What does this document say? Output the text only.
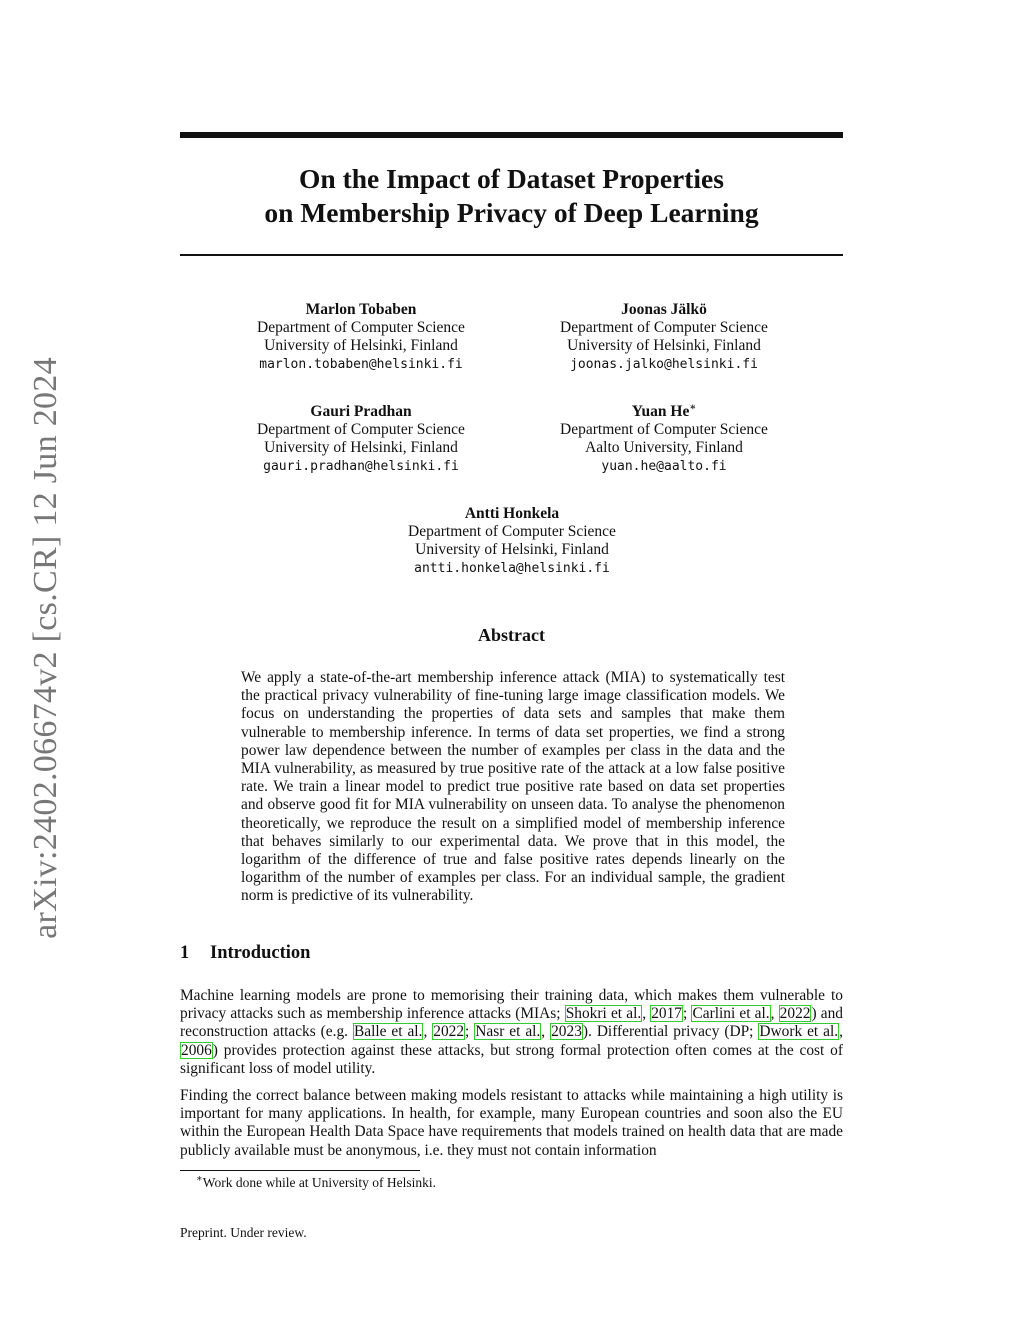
arXiv:2402.06674v2 [cs.CR] 12 Jun 2024
On the Impact of Dataset Properties
on Membership Privacy of Deep Learning
Marlon Tobaben
Department of Computer Science
University of Helsinki, Finland
marlon.tobaben@helsinki.fi
Joonas Jälkö
Department of Computer Science
University of Helsinki, Finland
joonas.jalko@helsinki.fi
Gauri Pradhan
Department of Computer Science
University of Helsinki, Finland
gauri.pradhan@helsinki.fi
Yuan He∗
Department of Computer Science
Aalto University, Finland
yuan.he@aalto.fi
Antti Honkela
Department of Computer Science
University of Helsinki, Finland
antti.honkela@helsinki.fi
Abstract
We apply a state-of-the-art membership inference attack (MIA) to systematically test the practical privacy vulnerability of fine-tuning large image classification models. We focus on understanding the properties of data sets and samples that make them vulnerable to membership inference. In terms of data set properties, we find a strong power law dependence between the number of examples per class in the data and the MIA vulnerability, as measured by true positive rate of the attack at a low false positive rate. We train a linear model to predict true positive rate based on data set properties and observe good fit for MIA vulnerability on unseen data. To analyse the phenomenon theoretically, we reproduce the result on a simplified model of membership inference that behaves similarly to our experimental data. We prove that in this model, the logarithm of the difference of true and false positive rates depends linearly on the logarithm of the number of examples per class. For an individual sample, the gradient norm is predictive of its vulnerability.
1 Introduction
Machine learning models are prone to memorising their training data, which makes them vulnerable to privacy attacks such as membership inference attacks (MIAs; Shokri et al., 2017; Carlini et al., 2022) and reconstruction attacks (e.g. Balle et al., 2022; Nasr et al., 2023). Differential privacy (DP; Dwork et al., 2006) provides protection against these attacks, but strong formal protection often comes at the cost of significant loss of model utility.
Finding the correct balance between making models resistant to attacks while maintaining a high utility is important for many applications. In health, for example, many European countries and soon also the EU within the European Health Data Space have requirements that models trained on health data that are made publicly available must be anonymous, i.e. they must not contain information
∗Work done while at University of Helsinki.
Preprint. Under review.
